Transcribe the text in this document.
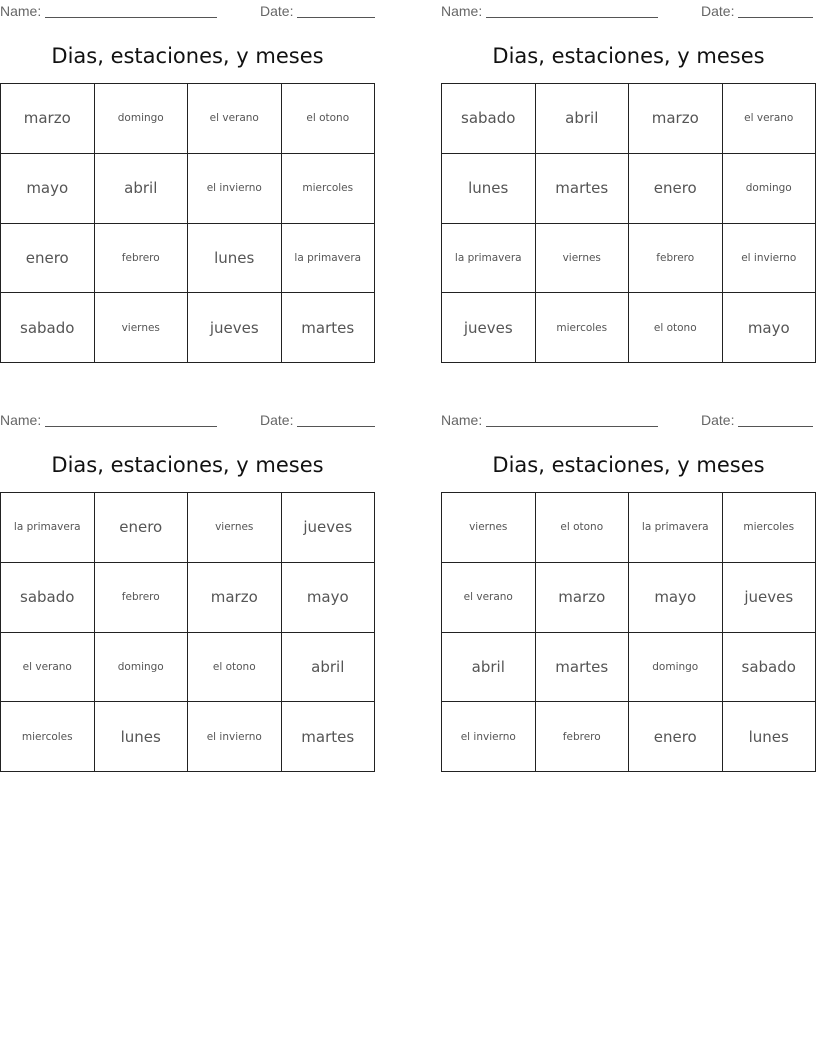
Name:	Date:
Dias, estaciones, y meses
marzo	domingo	el verano	el otono
mayo	abril	el invierno	miercoles
enero	febrero	lunes	la primavera
sabado	viernes	jueves	martes
Name:	Date:
Dias, estaciones, y meses
sabado	abril	marzo	el verano
lunes	martes	enero	domingo
la primavera	viernes	febrero	el invierno
jueves	miercoles	el otono	mayo
Name:	Date:
Dias, estaciones, y meses
la primavera	enero	viernes	jueves
sabado	febrero	marzo	mayo
el verano	domingo	el otono	abril
miercoles	lunes	el invierno	martes
Name:	Date:
Dias, estaciones, y meses
viernes	el otono	la primavera	miercoles
el verano	marzo	mayo	jueves
abril	martes	domingo	sabado
el invierno	febrero	enero	lunes
